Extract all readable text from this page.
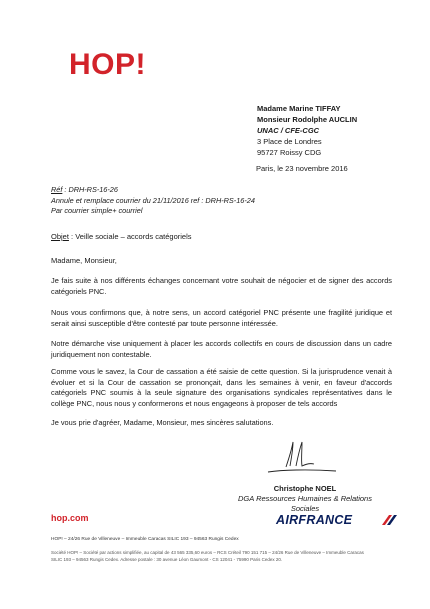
HOP!
Madame Marine TIFFAY
Monsieur Rodolphe AUCLIN
UNAC / CFE-CGC
3 Place de Londres
95727 Roissy CDG
Paris, le 23 novembre 2016
Réf : DRH-RS-16-26
Annule et remplace courrier du 21/11/2016 ref : DRH-RS-16-24
Par courrier simple+ courriel
Objet : Veille sociale – accords catégoriels
Madame, Monsieur,
Je fais suite à nos différents échanges concernant votre souhait de négocier et de signer des accords catégoriels PNC.
Nous vous confirmons que, à notre sens, un accord catégoriel PNC présente une fragilité juridique et serait ainsi susceptible d'être contesté par toute personne intéressée.
Notre démarche vise uniquement à placer les accords collectifs en cours de discussion dans un cadre juridiquement non contestable.
Comme vous le savez, la Cour de cassation a été saisie de cette question. Si la jurisprudence venait à évoluer et si la Cour de cassation se prononçait, dans les semaines à venir, en faveur d'accords catégoriels PNC soumis à la seule signature des organisations syndicales représentatives dans le collège PNC, nous nous y conformerons et nous engageons à proposer de tels accords
Je vous prie d'agréer, Madame, Monsieur, mes sincères salutations.
Christophe NOEL
DGA Ressources Humaines & Relations Sociales
hop.com	AIRFRANCE
HOP! – 24/26 Rue de Villeneuve – Immeuble Caracas SILIC 193 – 94563 Rungis Cedex
Société HOP! – Société par actions simplifiée, au capital de 43 565 335,60 euros – RCS Créteil 790 151 715 – 24/26 Rue de Villeneuve – Immeuble Caracas
SILIC 193 – 94563 Rungis Cedex. Adresse postale : 30 avenue Léon Gaumont - CS 12041 - 75990 Paris Cedex 20.
